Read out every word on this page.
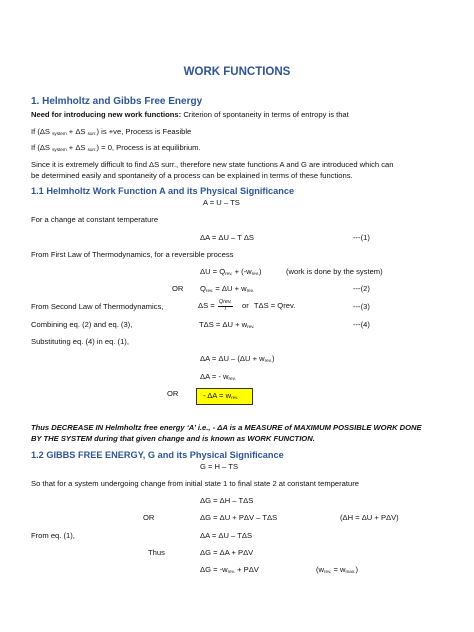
WORK FUNCTIONS
1. Helmholtz and Gibbs Free Energy
Need for introducing new work functions: Criterion of spontaneity in terms of entropy is that
If (ΔS $_{system}$ + ΔS $_{surr.}$) is +ve, Process is Feasible
If (ΔS $_{system}$ + ΔS $_{surr.}$) = 0, Process is at equilibrium.
Since it is extremely difficult to find ΔS surr., therefore new state functions A and G are introduced which can
be determined easily and spontaneity of a process can be explained in terms of these functions.
1.1 Helmholtz Work Function A and its Physical Significance
A = U – TS
For a change at constant temperature
ΔA = ΔU – T ΔS	---(1)
From First Law of Thermodynamics, for a reversible process
$\Delta U = Q_{rev.} + (-w_{rev.})$	(work is done by the system)
OR $Q_{rev.} = \Delta U + w_{rev.}$	---(2)
From Second Law of Thermodynamics,	$\Delta S = \frac{\text{Qrev.}}{T}$ or TΔS = Qrev.	---(3)
Combining eq. (2) and eq. (3),	$T\Delta S = \Delta U + w_{rev.}$	---(4)
Substituting eq. (4) in eq. (1),
$\Delta A = \Delta U - (\Delta U + w_{rev.})$
ΔA = - $w_{rev.}$
OR	- $\Delta A = w_{rev.}$
Thus DECREASE IN Helmholtz free energy ‘A’ i.e., - ΔA is a MEASURE of MAXIMUM POSSIBLE WORK DONE
BY THE SYSTEM during that given change and is known as WORK FUNCTION.
1.2 GIBBS FREE ENERGY, G and its Physical Significance
G = H – TS
So that for a system undergoing change from initial state 1 to final state 2 at constant temperature
ΔG = ΔH – TΔS
OR	ΔG = ΔU + PΔV – TΔS	(ΔH = ΔU + PΔV)
From eq. (1),	ΔA = ΔU – TΔS
Thus	ΔG = ΔA + PΔV
$\Delta G = -w_{rev.} + P\Delta V$	$(w_{rev.} = w_{max.})$
